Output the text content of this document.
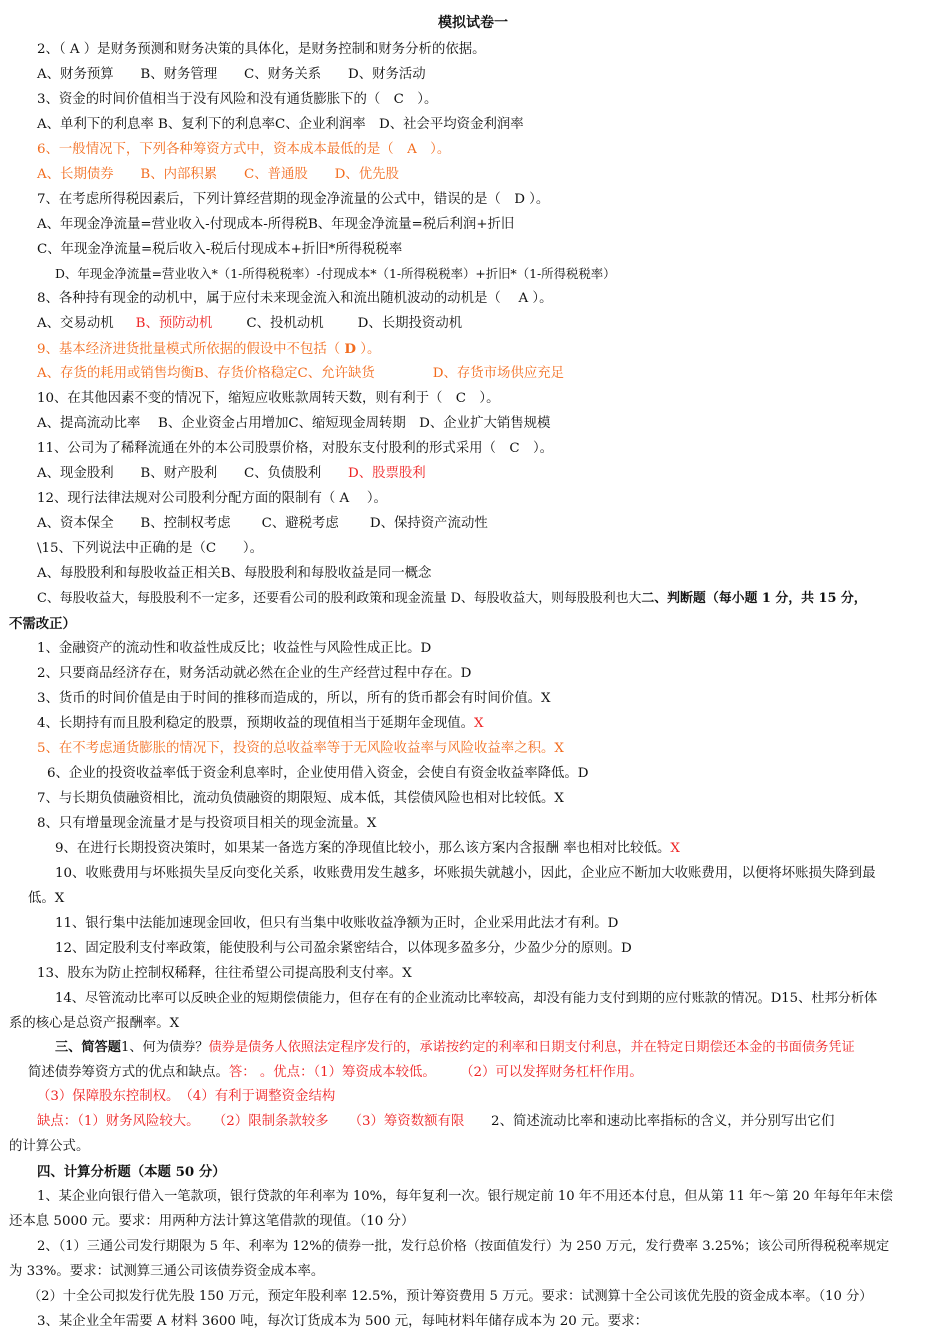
模拟试卷一
2、（ A ）是财务预测和财务决策的具体化，是财务控制和财务分析的依据。
A、财务预算　　B、财务管理　　C、财务关系　　D、财务活动
3、资金的时间价值相当于没有风险和没有通货膨胀下的（　C　）。
A、单利下的利息率 B、复利下的利息率C、企业利润率　D、社会平均资金利润率
6、一般情况下，下列各种筹资方式中，资本成本最低的是（　A　）。
A、长期债券　　B、内部积累　　C、普通股　　D、优先股
7、在考虑所得税因素后，下列计算经营期的现金净流量的公式中，错误的是（　D ）。
A、年现金净流量=营业收入-付现成本-所得税B、年现金净流量=税后利润+折旧
C、年现金净流量=税后收入-税后付现成本+折旧*所得税税率
D、年现金净流量=营业收入*（1-所得税税率）-付现成本*（1-所得税税率）+折旧*（1-所得税税率）
8、各种持有现金的动机中，属于应付未来现金流入和流出随机波动的动机是（　 A ）。
A、交易动机 B、预防动机	C、投机动机	D、长期投资动机
9、基本经济进货批量模式所依据的假设中不包括（ D ）。
A、存货的耗用或销售均衡B、存货价格稳定C、允许缺货	D、存货市场供应充足
10、在其他因素不变的情况下，缩短应收账款周转天数，则有利于（　C　）。
A、提高流动比率　 B、企业资金占用增加C、缩短现金周转期　D、企业扩大销售规模
11、公司为了稀释流通在外的本公司股票价格，对股东支付股利的形式采用（　C　）。
A、现金股利　　B、财产股利　　C、负债股利　　D、股票股利
12、现行法律法规对公司股利分配方面的限制有（ A　 ）。
A、资本保全　　B、控制权考虑　　 C、避税考虑　　 D、保持资产流动性
\15、下列说法中正确的是（C　　）。
A、每股股利和每股收益正相关B、每股股利和每股收益是同一概念
C、每股收益大，每股股利不一定多，还要看公司的股利政策和现金流量 D、每股收益大，则每股股利也大二、判断题（每小题 1 分，共 15 分，
不需改正）
1、金融资产的流动性和收益性成反比；收益性与风险性成正比。D
2、只要商品经济存在，财务活动就必然在企业的生产经营过程中存在。D
3、货币的时间价值是由于时间的推移而造成的，所以，所有的货币都会有时间价值。X
4、长期持有而且股利稳定的股票，预期收益的现值相当于延期年金现值。X
5、在不考虑通货膨胀的情况下，投资的总收益率等于无风险收益率与风险收益率之积。X
6、企业的投资收益率低于资金利息率时，企业使用借入资金，会使自有资金收益率降低。D
7、与长期负债融资相比，流动负债融资的期限短、成本低，其偿债风险也相对比较低。X
8、只有增量现金流量才是与投资项目相关的现金流量。X
9、在进行长期投资决策时，如果某一备选方案的净现值比较小，那么该方案内含报酬 率也相对比较低。X
10、收账费用与坏账损失呈反向变化关系，收账费用发生越多，坏账损失就越小，因此，企业应不断加大收账费用，以便将坏账损失降到最
低。X
11、银行集中法能加速现金回收，但只有当集中收账收益净额为正时，企业采用此法才有利。D
12、固定股利支付率政策，能使股利与公司盈余紧密结合，以体现多盈多分，少盈少分的原则。D
13、股东为防止控制权稀释，往往希望公司提高股利支付率。X
14、尽管流动比率可以反映企业的短期偿债能力，但存在有的企业流动比率较高，却没有能力支付到期的应付账款的情况。D15、杜邦分析体
系的核心是总资产报酬率。X
三、简答题1、何为债券？债券是债务人依照法定程序发行的，承诺按约定的利率和日期支付利息，并在特定日期偿还本金的书面债务凭证
简述债券筹资方式的优点和缺点。答： 。优点：（1）筹资成本较低。　　 （2）可以发挥财务杠杆作用。
（3）保障股东控制权。　（4）有利于调整资金结构
缺点：（1）财务风险较大。　　（2）限制条款较多　　（3）筹资数额有限　　2、简述流动比率和速动比率指标的含义，并分别写出它们
的计算公式。
四、计算分析题（本题 50 分）
1、某企业向银行借入一笔款项，银行贷款的年利率为 10%，每年复利一次。银行规定前 10 年不用还本付息，但从第 11 年～第 20 年每年年末偿
还本息 5000 元。要求：用两种方法计算这笔借款的现值。（10 分）
2、（1）三通公司发行期限为 5 年、利率为 12%的债券一批，发行总价格（按面值发行）为 250 万元，发行费率 3.25%；该公司所得税税率规定
为 33%。要求：试测算三通公司该债券资金成本率。
（2）十全公司拟发行优先股 150 万元，预定年股利率 12.5%，预计筹资费用 5 万元。要求：试测算十全公司该优先股的资金成本率。（10 分）
3、某企业全年需要 A 材料 3600 吨，每次订货成本为 500 元，每吨材料年储存成本为 20 元。要求：
